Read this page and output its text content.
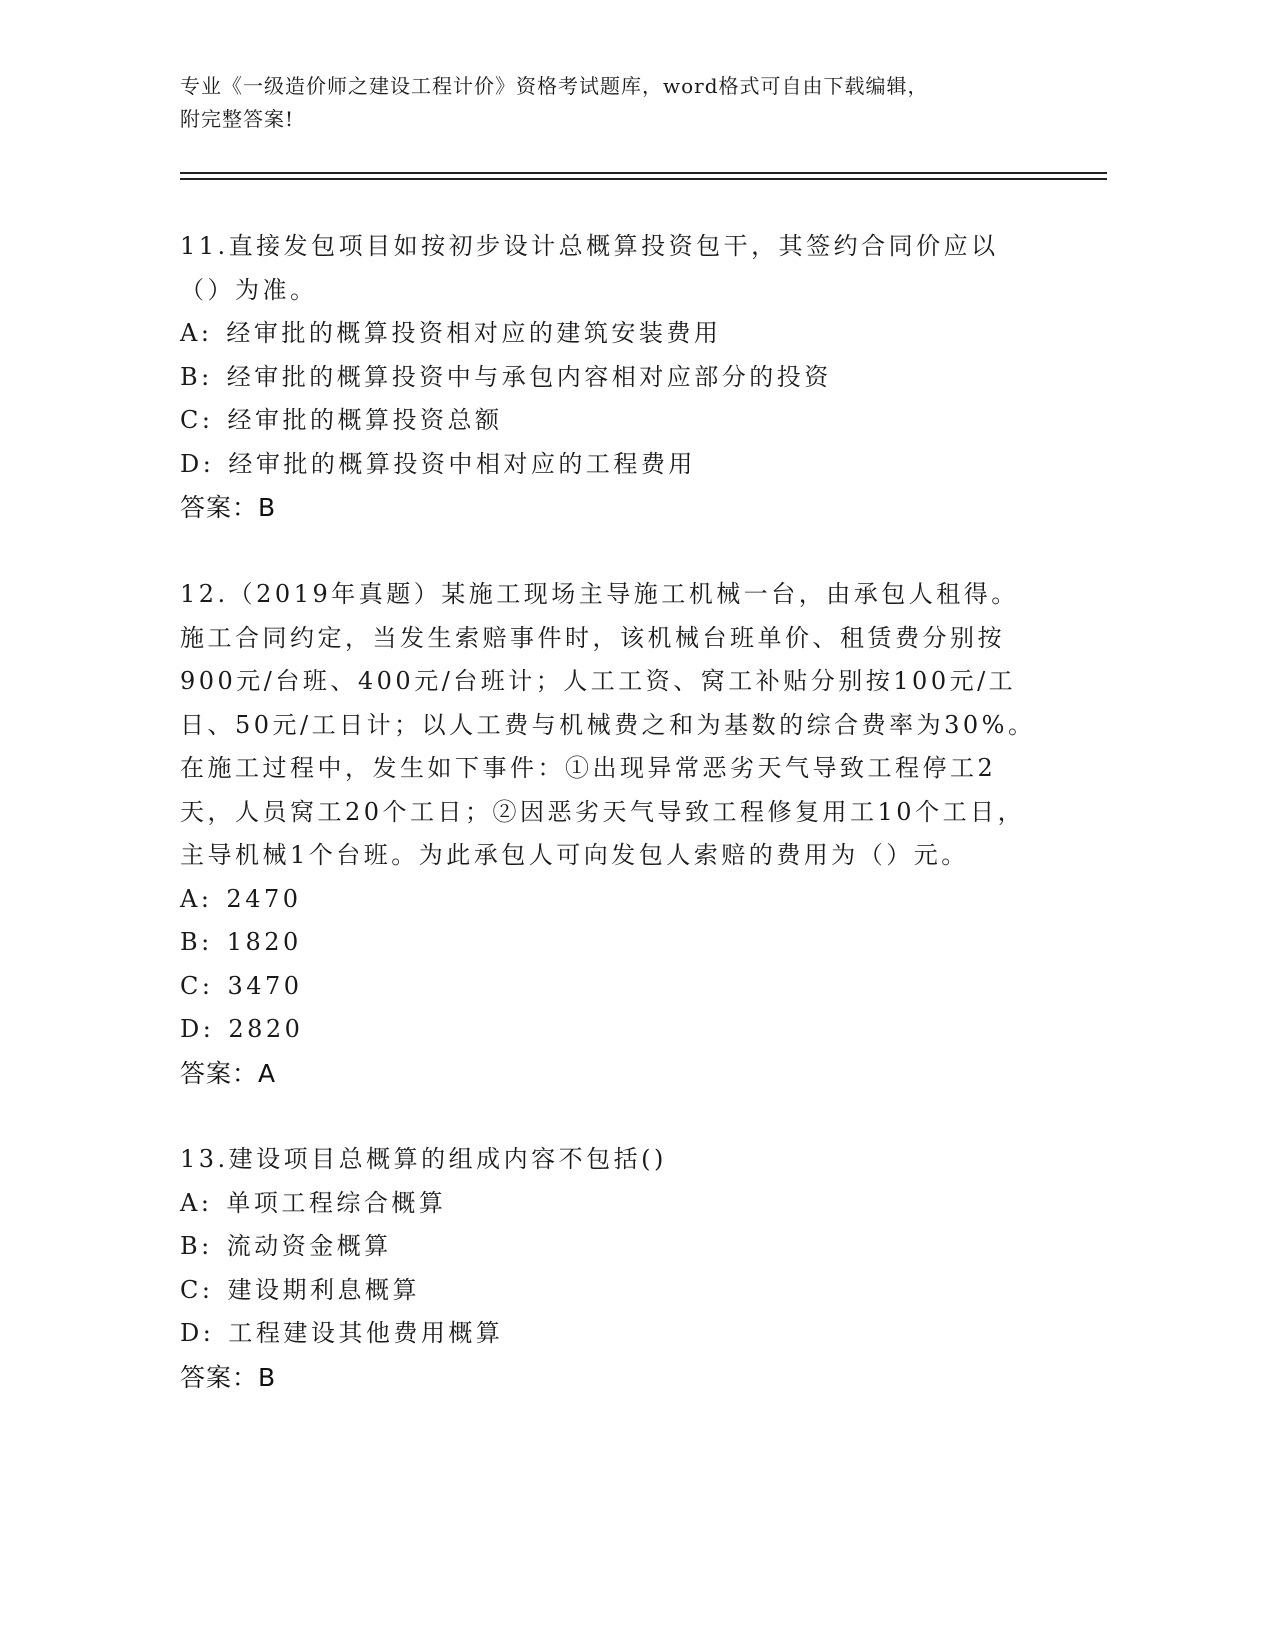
专业《一级造价师之建设工程计价》资格考试题库，word格式可自由下载编辑，
附完整答案!

11.直接发包项目如按初步设计总概算投资包干，其签约合同价应以（）为准。

A: 经审批的概算投资相对应的建筑安装费用

B: 经审批的概算投资中与承包内容相对应部分的投资

C: 经审批的概算投资总额

D: 经审批的概算投资中相对应的工程费用

答案：B

12.（2019年真题）某施工现场主导施工机械一台，由承包人租得。施工合同约定，当发生索赔事件时，该机械台班单价、租赁费分别按900元/台班、400元/台班计；人工工资、窝工补贴分别按100元/工日、50元/工日计；以人工费与机械费之和为基数的综合费率为30%。在施工过程中，发生如下事件：①出现异常恶劣天气导致工程停工2天，人员窝工20个工日；②因恶劣天气导致工程修复用工10个工日，主导机械1个台班。为此承包人可向发包人索赔的费用为（）元。

A: 2470

B: 1820

C: 3470

D: 2820

答案：A

13.建设项目总概算的组成内容不包括()

A: 单项工程综合概算

B: 流动资金概算

C: 建设期利息概算

D: 工程建设其他费用概算

答案：B
